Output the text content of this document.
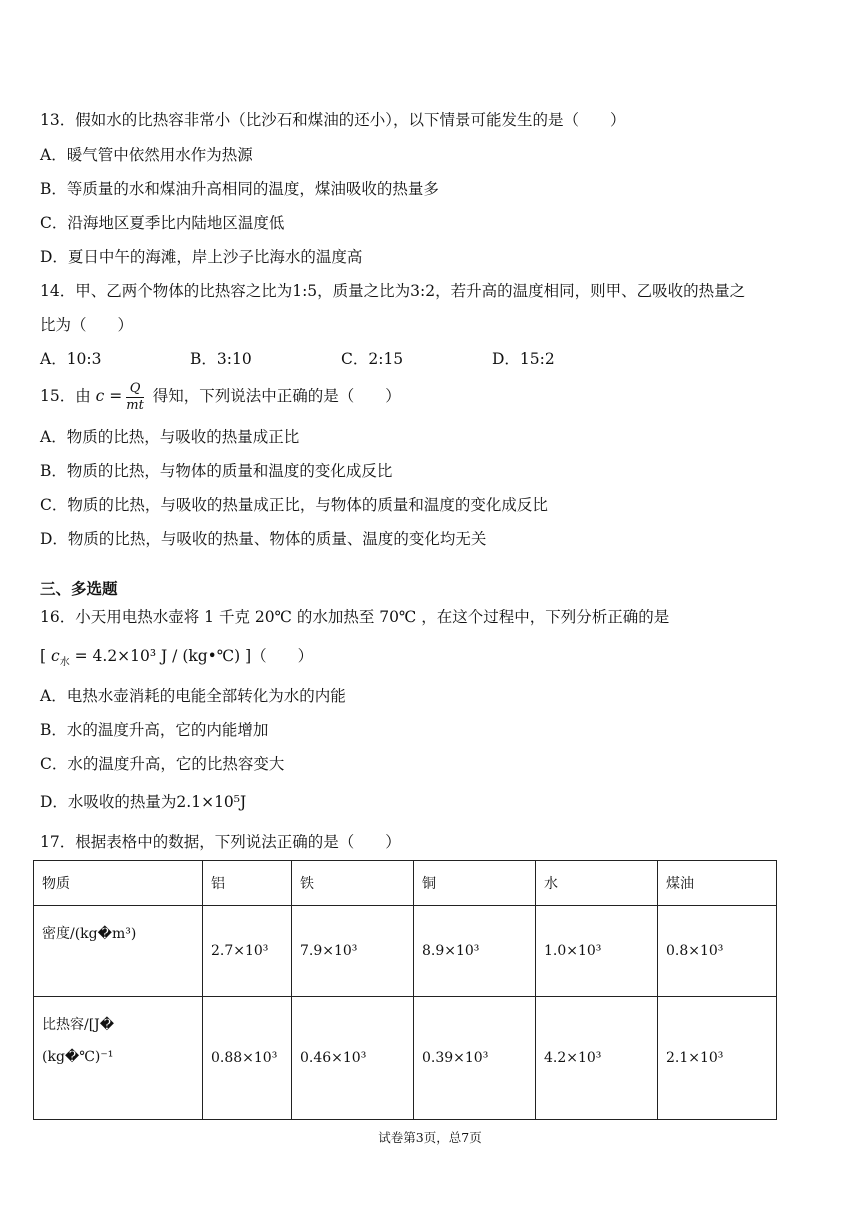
13．假如水的比热容非常小（比沙石和煤油的还小），以下情景可能发生的是（　　）
A．暖气管中依然用水作为热源
B．等质量的水和煤油升高相同的温度，煤油吸收的热量多
C．沿海地区夏季比内陆地区温度低
D．夏日中午的海滩，岸上沙子比海水的温度高
14．甲、乙两个物体的比热容之比为1:5，质量之比为3:2，若升高的温度相同，则甲、乙吸收的热量之
比为（　　）
A．10:3	B．3:10	C．2:15	D．15:2
15．由 $c = \frac{Q}{mt}$ 得知，下列说法中正确的是（　　）
A．物质的比热，与吸收的热量成正比
B．物质的比热，与物体的质量和温度的变化成反比
C．物质的比热，与吸收的热量成正比，与物体的质量和温度的变化成反比
D．物质的比热，与吸收的热量、物体的质量、温度的变化均无关
三、多选题
16．小天用电热水壶将 1 千克 20℃ 的水加热至 70℃ ，在这个过程中，下列分析正确的是
[ $c_水 = 4.2\times 10^3$ J / (kg•℃) ]（　　）
A．电热水壶消耗的电能全部转化为水的内能
B．水的温度升高，它的内能增加
C．水的温度升高，它的比热容变大
D．水吸收的热量为2.1×10⁵J
17．根据表格中的数据，下列说法正确的是（　　）
物质	铝	铁	铜	水	煤油
密度/(kg�m³)	2.7×10³	7.9×10³	8.9×10³	1.0×10³	0.8×10³

比热容/[J�
(kg�℃)⁻¹	0.88×10³	0.46×10³	0.39×10³	4.2×10³	2.1×10³
试卷第3页，总7页
